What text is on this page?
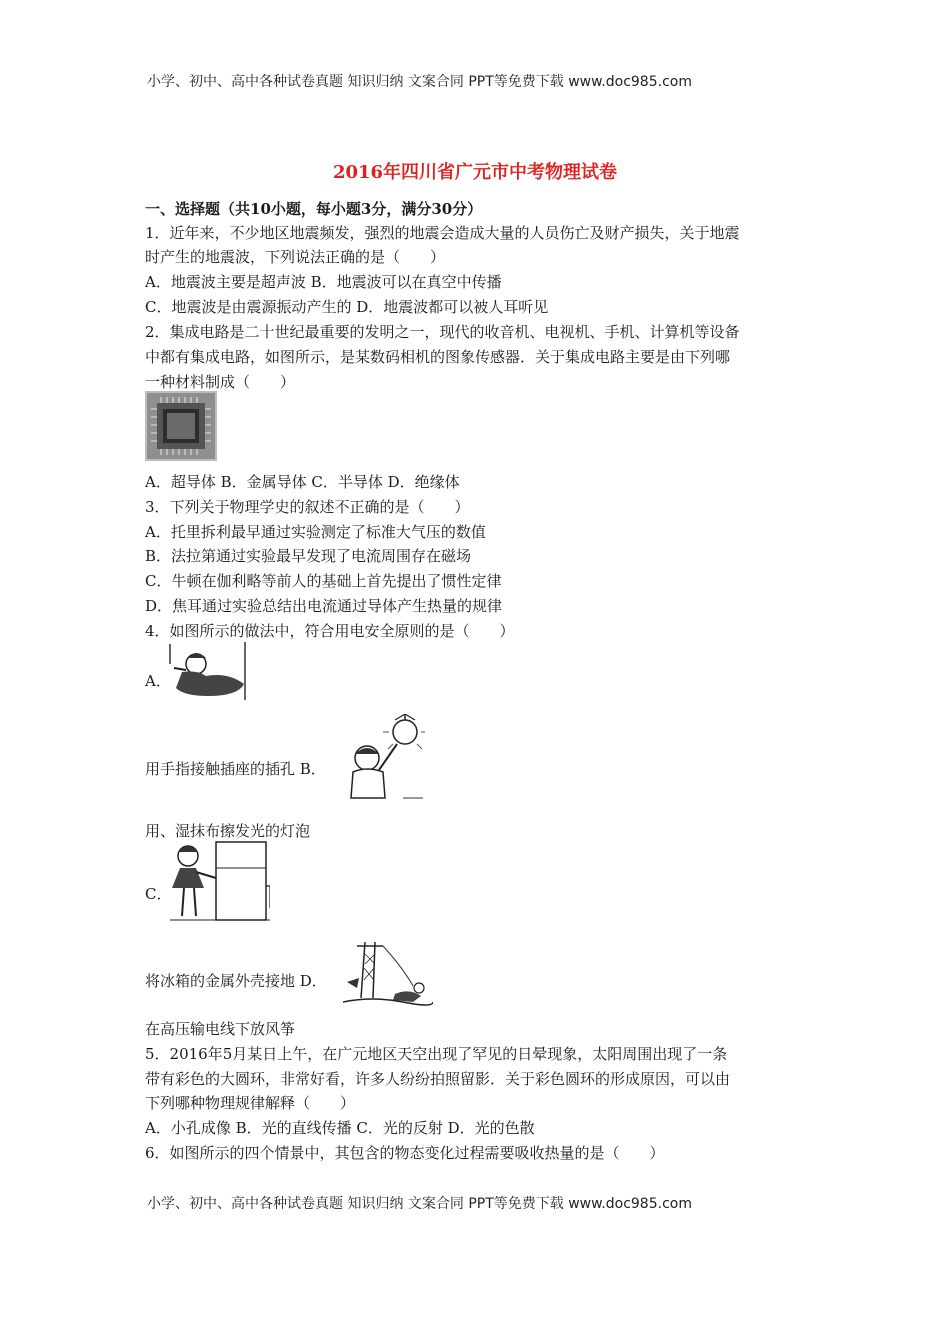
小学、初中、高中各种试卷真题 知识归纳 文案合同 PPT等免费下载 www.doc985.com
小学、初中、高中各种试卷真题 知识归纳 文案合同 PPT等免费下载 www.doc985.com
2016年四川省广元市中考物理试卷
一、选择题（共10小题，每小题3分，满分30分）
1．近年来，不少地区地震频发，强烈的地震会造成大量的人员伤亡及财产损失，关于地震
时产生的地震波，下列说法正确的是（　　）
A．地震波主要是超声波 B．地震波可以在真空中传播
C．地震波是由震源振动产生的 D．地震波都可以被人耳听见
2．集成电路是二十世纪最重要的发明之一，现代的收音机、电视机、手机、计算机等设备
中都有集成电路，如图所示，是某数码相机的图象传感器．关于集成电路主要是由下列哪
一种材料制成（　　）
A．超导体 B．金属导体 C．半导体 D．绝缘体
3．下列关于物理学史的叙述不正确的是（　　）
A．托里拆利最早通过实验测定了标准大气压的数值
B．法拉第通过实验最早发现了电流周围存在磁场
C．牛顿在伽利略等前人的基础上首先提出了惯性定律
D．焦耳通过实验总结出电流通过导体产生热量的规律
4．如图所示的做法中，符合用电安全原则的是（　　）
A．
用手指接触插座的插孔 B．
用、湿抹布擦发光的灯泡
C．
将冰箱的金属外壳接地 D．
在高压输电线下放风筝
5．2016年5月某日上午，在广元地区天空出现了罕见的日晕现象，太阳周围出现了一条
带有彩色的大圆环，非常好看，许多人纷纷拍照留影．关于彩色圆环的形成原因，可以由
下列哪种物理规律解释（　　）
A．小孔成像 B．光的直线传播 C．光的反射 D．光的色散
6．如图所示的四个情景中，其包含的物态变化过程需要吸收热量的是（　　）
